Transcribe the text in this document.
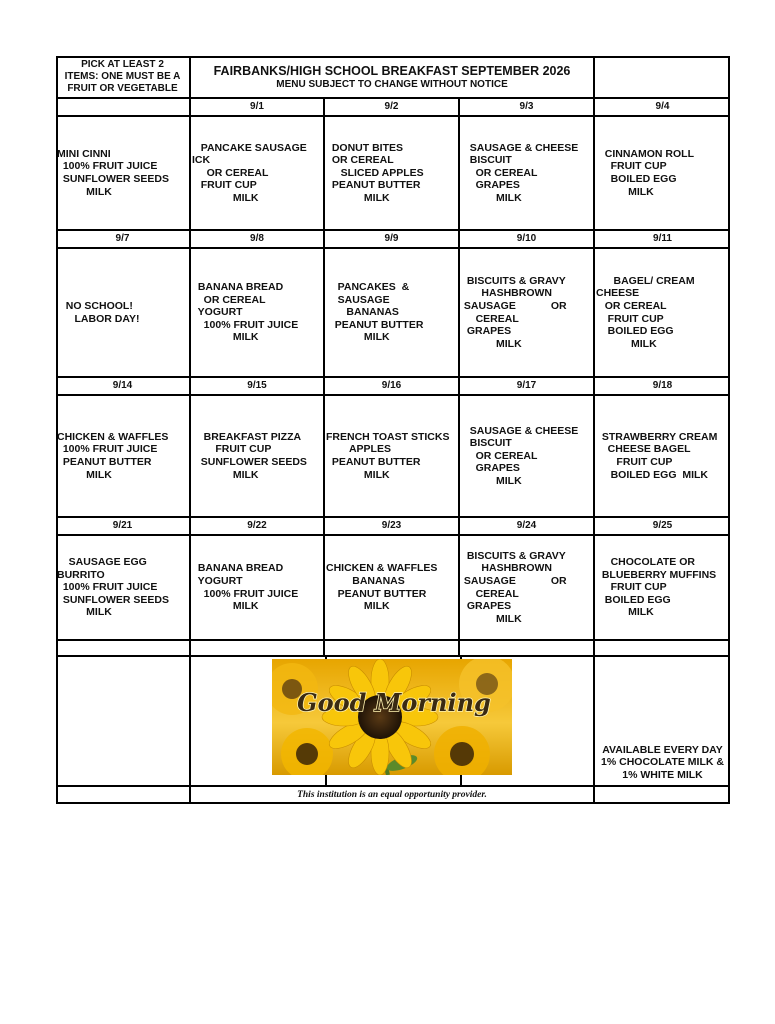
PICK AT LEAST 2
ITEMS: ONE MUST BE A
FRUIT OR VEGETABLE
FAIRBANKS/HIGH SCHOOL BREAKFAST SEPTEMBER 2026
MENU SUBJECT TO CHANGE WITHOUT NOTICE
MINI CINNI
100% FRUIT JUICE
SUNFLOWER SEEDS
MILK
9/1
PANCAKE SAUSAGE
ICK
OR CEREAL
FRUIT CUP
MILK
9/2
DONUT BITES
OR CEREAL
SLICED APPLES
PEANUT BUTTER
MILK
9/3
SAUSAGE & CHEESE
BISCUIT
OR CEREAL
GRAPES
MILK
9/4
CINNAMON ROLL
FRUIT CUP
BOILED EGG
MILK
9/7
NO SCHOOL!
LABOR DAY!
9/8
BANANA BREAD
OR CEREAL
YOGURT
100% FRUIT JUICE
MILK
9/9
PANCAKES  &
SAUSAGE
BANANAS
PEANUT BUTTER
MILK
9/10
BISCUITS & GRAVY
HASHBROWN
SAUSAGE            OR
CEREAL
GRAPES
MILK
9/11
BAGEL/ CREAM
CHEESE
OR CEREAL
FRUIT CUP
BOILED EGG
MILK
9/14
CHICKEN & WAFFLES
100% FRUIT JUICE
PEANUT BUTTER
MILK
9/15
BREAKFAST PIZZA
FRUIT CUP
SUNFLOWER SEEDS
MILK
9/16
FRENCH TOAST STICKS
APPLES
PEANUT BUTTER
MILK
9/17
SAUSAGE & CHEESE
BISCUIT
OR CEREAL
GRAPES
MILK
9/18
STRAWBERRY CREAM
CHEESE BAGEL
FRUIT CUP
BOILED EGG  MILK
9/21
SAUSAGE EGG
BURRITO
100% FRUIT JUICE
SUNFLOWER SEEDS
MILK
9/22
BANANA BREAD
YOGURT
100% FRUIT JUICE
MILK
9/23
CHICKEN & WAFFLES
BANANAS
PEANUT BUTTER
MILK
9/24
BISCUITS & GRAVY
HASHBROWN
SAUSAGE            OR
CEREAL
GRAPES
MILK
9/25
CHOCOLATE OR
BLUEBERRY MUFFINS
FRUIT CUP
BOILED EGG
MILK
AVAILABLE EVERY DAY
1% CHOCOLATE MILK &
1% WHITE MILK
Good Morning
This institution is an equal opportunity provider.
